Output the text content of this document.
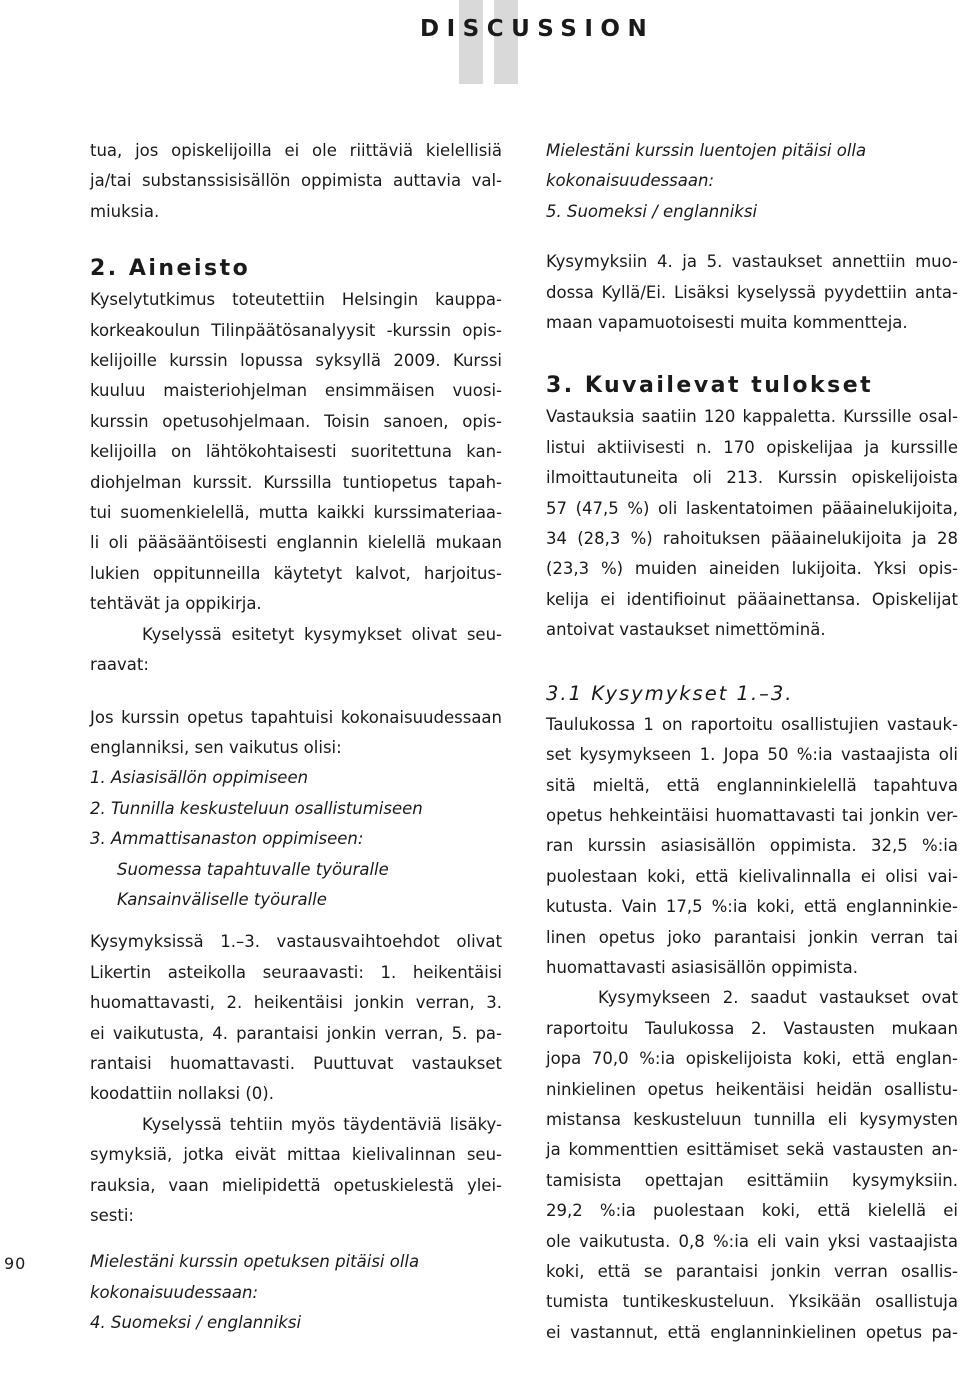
DISCUSSION
90

tua, jos opiskelijoilla ei ole riittäviä kielellisiä

ja/tai substanssisisällön oppimista auttavia val-

miuksia.

2. Aineisto

Kyselytutkimus toteutettiin Helsingin kauppa-

korkeakoulun Tilinpäätösanalyysit -kurssin opis-

kelijoille kurssin lopussa syksyllä 2009. Kurssi

kuuluu maisteriohjelman ensimmäisen vuosi-

kurssin opetusohjelmaan. Toisin sanoen, opis-

kelijoilla on lähtökohtaisesti suoritettuna kan-

diohjelman kurssit. Kurssilla tuntiopetus tapah-

tui suomenkielellä, mutta kaikki kurssimateriaa-

li oli pääsääntöisesti englannin kielellä mukaan

lukien oppitunneilla käytetyt kalvot, harjoitus-

tehtävät ja oppikirja.

Kyselyssä esitetyt kysymykset olivat seu-

raavat:

Jos kurssin opetus tapahtuisi kokonaisuudessaan

englanniksi, sen vaikutus olisi:

1. Asiasisällön oppimiseen

2. Tunnilla keskusteluun osallistumiseen

3. Ammattisanaston oppimiseen:

Suomessa tapahtuvalle työuralle

Kansainväliselle työuralle

Kysymyksissä 1.–3. vastausvaihtoehdot olivat

Likertin asteikolla seuraavasti: 1. heikentäisi

huomattavasti, 2. heikentäisi jonkin verran, 3.

ei vaikutusta, 4. parantaisi jonkin verran, 5. pa-

rantaisi huomattavasti. Puuttuvat vastaukset

koodattiin nollaksi (0).

Kyselyssä tehtiin myös täydentäviä lisäky-

symyksiä, jotka eivät mittaa kielivalinnan seu-

rauksia, vaan mielipidettä opetuskielestä ylei-

sesti:

Mielestäni kurssin opetuksen pitäisi olla

kokonaisuudessaan:

4. Suomeksi / englanniksi

Mielestäni kurssin luentojen pitäisi olla

kokonaisuudessaan:

5. Suomeksi / englanniksi

Kysymyksiin 4. ja 5. vastaukset annettiin muo-

dossa Kyllä/Ei. Lisäksi kyselyssä pyydettiin anta-

maan vapamuotoisesti muita kommentteja.

3. Kuvailevat tulokset

Vastauksia saatiin 120 kappaletta. Kurssille osal-

listui aktiivisesti n. 170 opiskelijaa ja kurssille

ilmoittautuneita oli 213. Kurssin opiskelijoista

57 (47,5 %) oli laskentatoimen pääainelukijoita,

34 (28,3 %) rahoituksen pääainelukijoita ja 28

(23,3 %) muiden aineiden lukijoita. Yksi opis-

kelija ei identifioinut pääainettansa. Opiskelijat

antoivat vastaukset nimettöminä.

3.1 Kysymykset 1.–3.

Taulukossa 1 on raportoitu osallistujien vastauk-

set kysymykseen 1. Jopa 50 %:ia vastaajista oli

sitä mieltä, että englanninkielellä tapahtuva

opetus hehkeintäisi huomattavasti tai jonkin ver-

ran kurssin asiasisällön oppimista. 32,5 %:ia

puolestaan koki, että kielivalinnalla ei olisi vai-

kutusta. Vain 17,5 %:ia koki, että englanninkie-

linen opetus joko parantaisi jonkin verran tai

huomattavasti asiasisällön oppimista.

Kysymykseen 2. saadut vastaukset ovat

raportoitu Taulukossa 2. Vastausten mukaan

jopa 70,0 %:ia opiskelijoista koki, että englan-

ninkielinen opetus heikentäisi heidän osallistu-

mistansa keskusteluun tunnilla eli kysymysten

ja kommenttien esittämiset sekä vastausten an-

tamisista opettajan esittämiin kysymyksiin.

29,2 %:ia puolestaan koki, että kielellä ei

ole vaikutusta. 0,8 %:ia eli vain yksi vastaajista

koki, että se parantaisi jonkin verran osallis-

tumista tuntikeskusteluun. Yksikään osallistuja

ei vastannut, että englanninkielinen opetus pa-
